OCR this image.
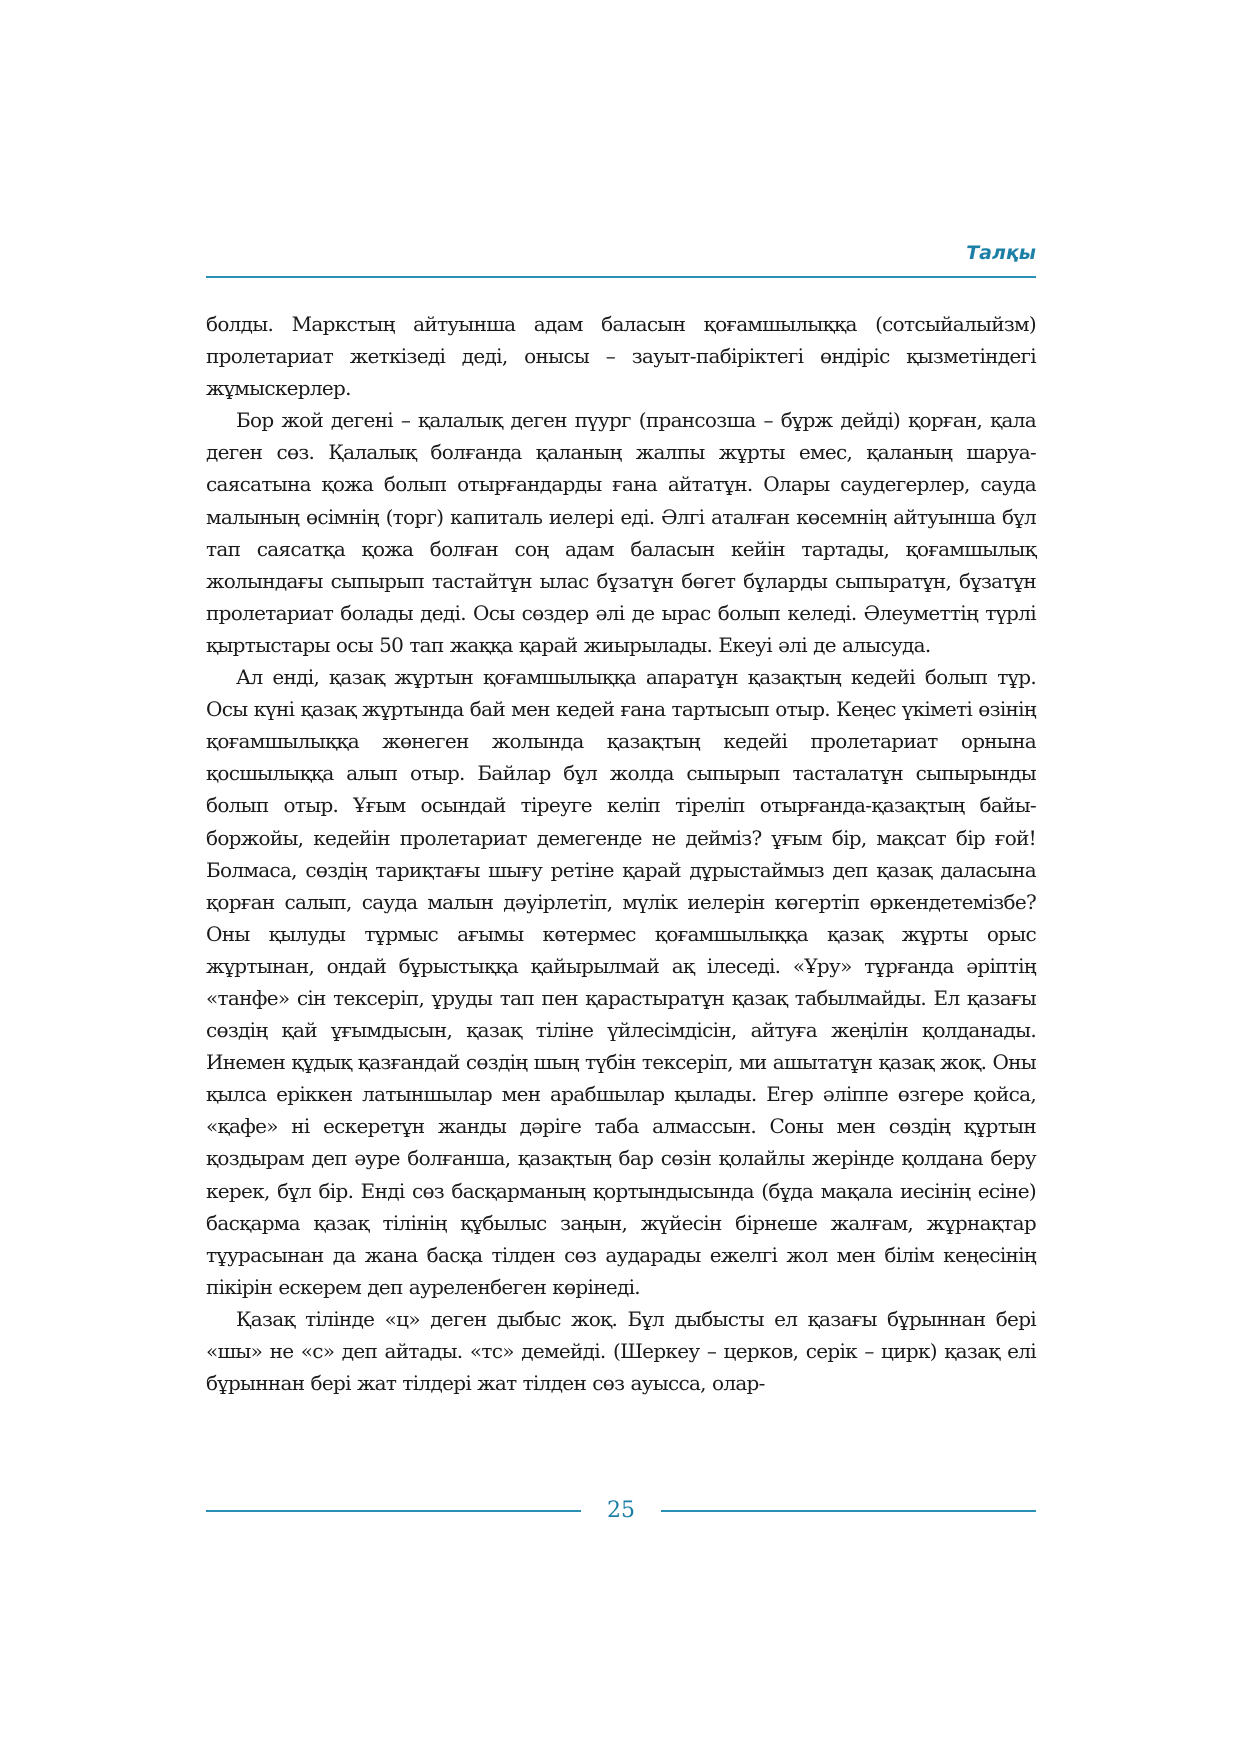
Талқы

болды. Маркстың айтуынша адам баласын қоғамшылыққа (сотсыйалыйзм) пролетариат жеткізеді деді, онысы – зауыт-пабіріктегі өндіріс қызметіндегі жұмыскерлер.

Бор жой дегені – қалалық деген пүург (прансозша – бұрж дейді) қорған, қала деген сөз. Қалалық болғанда қаланың жалпы жұрты емес, қаланың шаруа-саясатына қожа болып отырғандарды ғана айтатұн. Олары саудегерлер, сауда малының өсімнің (торг) капиталь иелері еді. Әлгі аталған көсемнің айтуынша бұл тап саясатқа қожа болған соң адам баласын кейін тартады, қоғамшылық жолындағы сыпырып тастайтұн ылас бұзатұн бөгет бұларды сыпыратұн, бұзатұн пролетариат болады деді. Осы сөздер әлі де ырас болып келеді. Әлеуметтің түрлі қыртыстары осы 50 тап жаққа қарай жиырылады. Екеуі әлі де алысуда.

Ал енді, қазақ жұртын қоғамшылыққа апаратұн қазақтың кедейі болып тұр. Осы күні қазақ жұртында бай мен кедей ғана тартысып отыр. Кеңес үкіметі өзінің қоғамшылыққа жөнеген жолында қазақтың кедейі пролетариат орнына қосшылыққа алып отыр. Байлар бұл жолда сыпырып тасталатұн сыпырынды болып отыр. Ұғым осындай тіреуге келіп тіреліп отырғанда-қазақтың байы-боржойы, кедейін пролетариат демегенде не дейміз? ұғым бір, мақсат бір ғой! Болмаса, сөздің тариқтағы шығу ретіне қарай дұрыстаймыз деп қазақ даласына қорған салып, сауда малын дәуірлетіп, мүлік иелерін көгертіп өркендетемізбе? Оны қылуды тұрмыс ағымы көтермес қоғамшылыққа қазақ жұрты орыс жұртынан, ондай бұрыстыққа қайырылмай ақ ілеседі. «Ұру» тұрғанда әріптің «танфе» сін тексеріп, ұруды тап пен қарастыратұн қазақ табылмайды. Ел қазағы сөздің қай ұғымдысын, қазақ тіліне үйлесімдісін, айтуға жеңілін қолданады. Инемен құдық қазғандай сөздің шың түбін тексеріп, ми ашытатұн қазақ жоқ. Оны қылса еріккен латыншылар мен арабшылар қылады. Егер әліппе өзгере қойса, «қафе» ні ескеретұн жанды дәріге таба алмассын. Соны мен сөздің құртын қоздырам деп әуре болғанша, қазақтың бар сөзін қолайлы жерінде қолдана беру керек, бұл бір. Енді сөз басқарманың қортындысында (бұда мақала иесінің есіне) басқарма қазақ тілінің құбылыс заңын, жүйесін бірнеше жалғам, жұрнақтар тұурасынан да жана басқа тілден сөз аударады ежелгі жол мен білім кеңесінің пікірін ескерем деп ауреленбеген көрінеді.

Қазақ тілінде «ц» деген дыбыс жоқ. Бұл дыбысты ел қазағы бұрыннан бері «шы» не «с» деп айтады. «тс» демейді. (Шеркеу – церков, серік – цирк) қазақ елі бұрыннан бері жат тілдері жат тілден сөз ауысса, олар-

25
